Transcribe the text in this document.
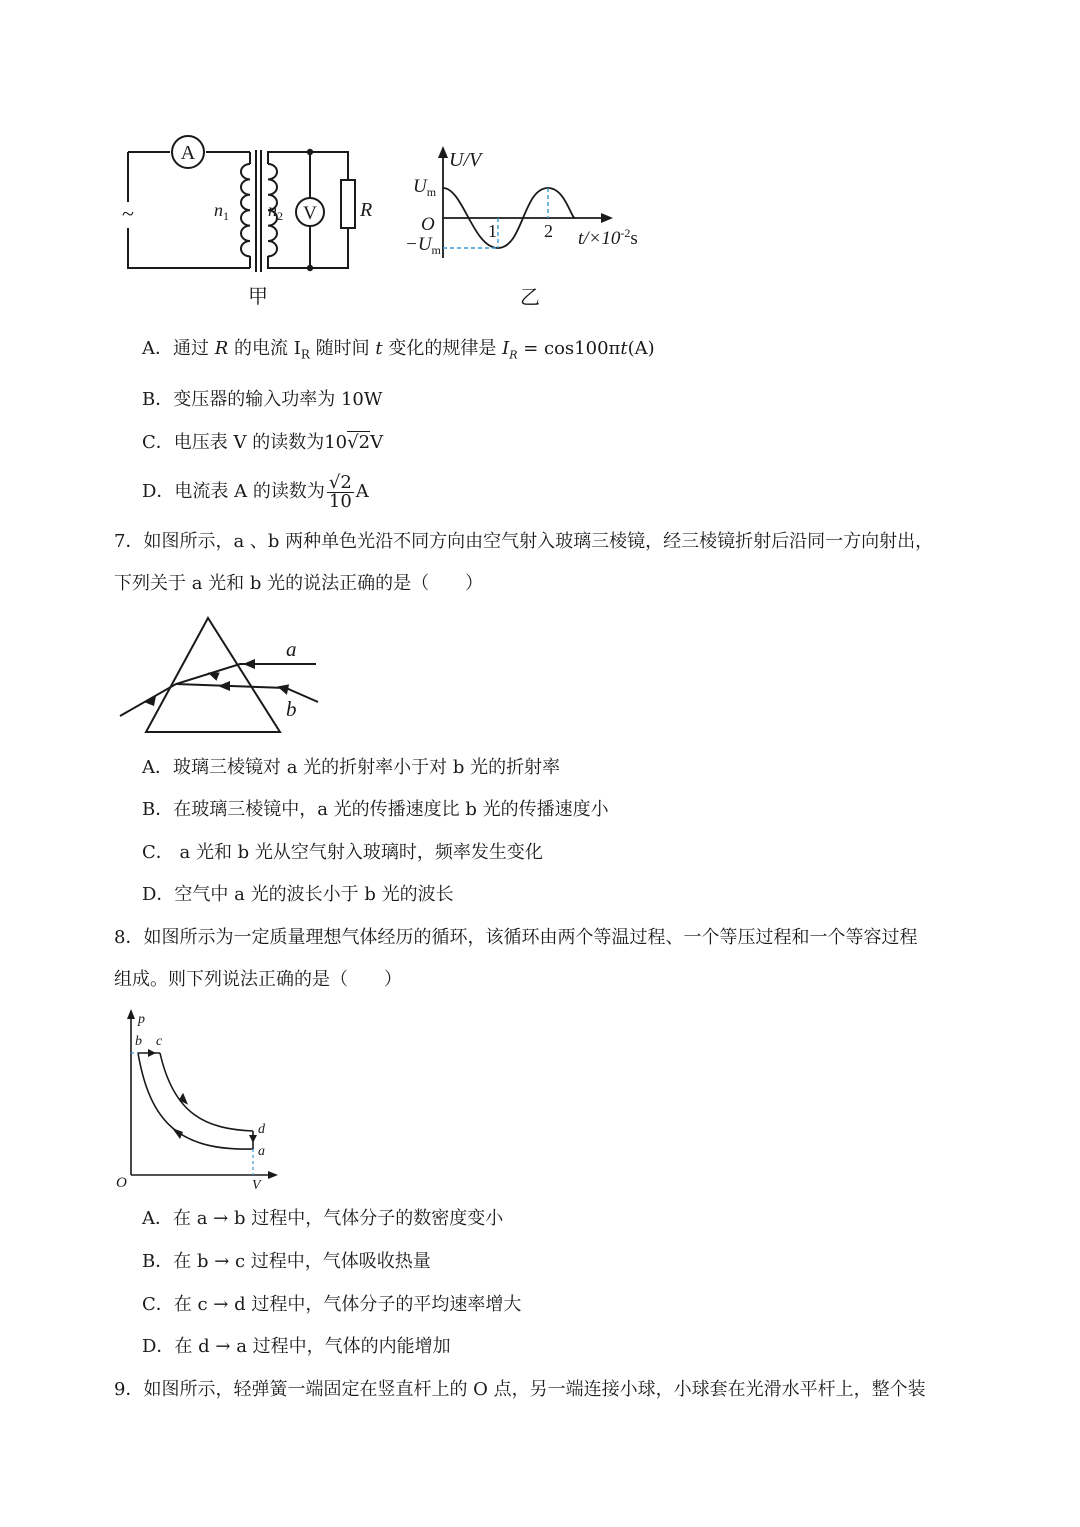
A
V
~	$n_1$ $n_2$	R
甲
U/V
$U_m$
O
$-U_m$
1	2 $t/\times 10^{-2}s$
乙
A．通过 R 的电流 $I_R$ 随时间 t 变化的规律是 $I_R = \cos 100\pi t(A)$
B．变压器的输入功率为 10W
C．电压表 V 的读数为10√2V
D．电流表 A 的读数为 $\frac{√2}{10}$ A
7．如图所示，a 、b 两种单色光沿不同方向由空气射入玻璃三棱镜，经三棱镜折射后沿同一方向射出，
下列关于 a 光和 b 光的说法正确的是（　　）
a
b
A．玻璃三棱镜对 a 光的折射率小于对 b 光的折射率
B．在玻璃三棱镜中，a 光的传播速度比 b 光的传播速度小
C． a 光和 b 光从空气射入玻璃时，频率发生变化
D．空气中 a 光的波长小于 b 光的波长
8．如图所示为一定质量理想气体经历的循环，该循环由两个等温过程、一个等压过程和一个等容过程
组成。则下列说法正确的是（　　）
p
V
O
b c
d
a
A．在 a → b 过程中，气体分子的数密度变小
B．在 b → c 过程中，气体吸收热量
C．在 c → d 过程中，气体分子的平均速率增大
D．在 d → a 过程中，气体的内能增加
9．如图所示，轻弹簧一端固定在竖直杆上的 O 点，另一端连接小球，小球套在光滑水平杆上，整个装
